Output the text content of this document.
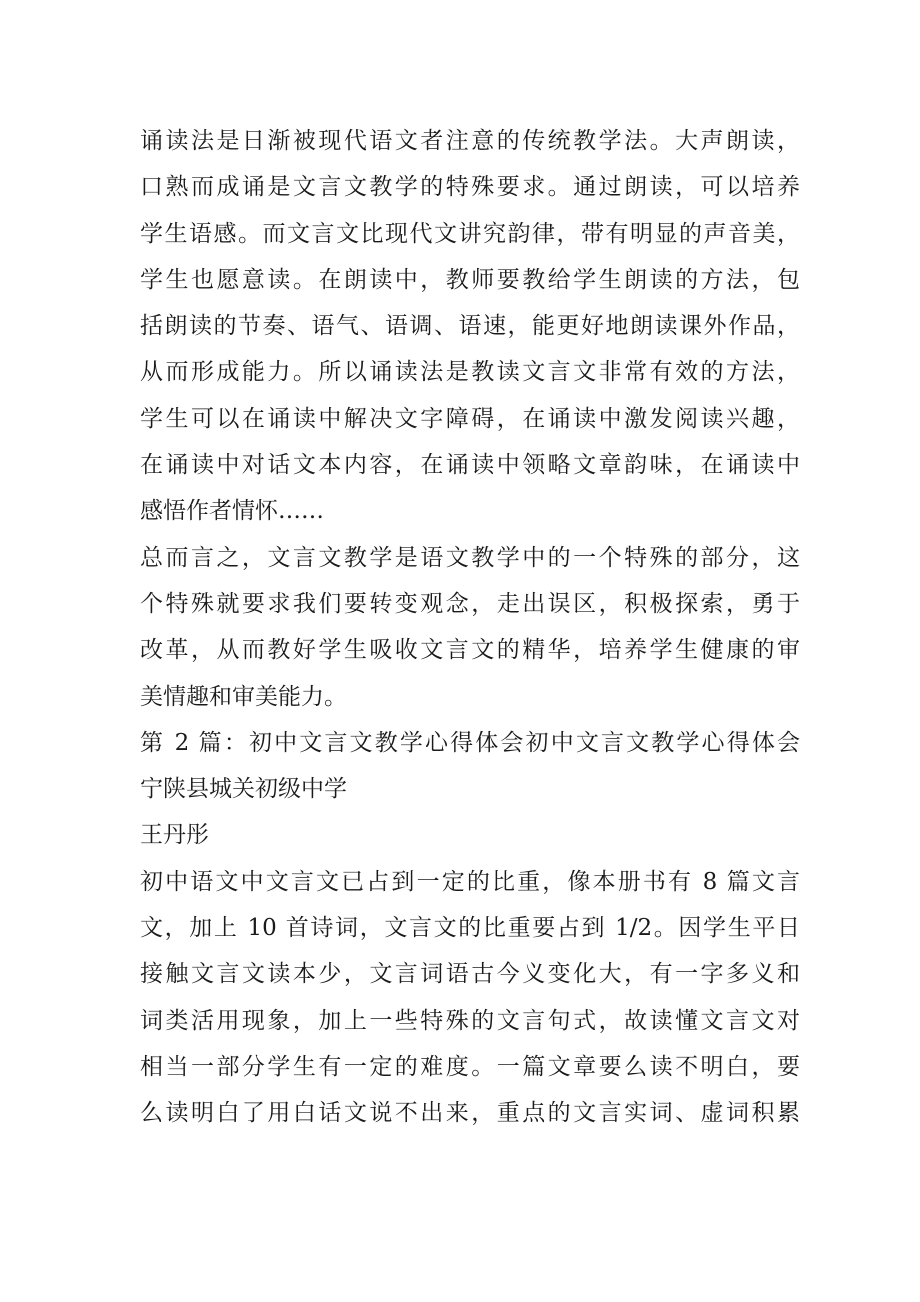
诵读法是日渐被现代语文者注意的传统教学法。大声朗读，
口熟而成诵是文言文教学的特殊要求。通过朗读，可以培养
学生语感。而文言文比现代文讲究韵律，带有明显的声音美，
学生也愿意读。在朗读中，教师要教给学生朗读的方法，包
括朗读的节奏、语气、语调、语速，能更好地朗读课外作品，
从而形成能力。所以诵读法是教读文言文非常有效的方法，
学生可以在诵读中解决文字障碍，在诵读中激发阅读兴趣，
在诵读中对话文本内容，在诵读中领略文章韵味，在诵读中
感悟作者情怀……
总而言之，文言文教学是语文教学中的一个特殊的部分，这
个特殊就要求我们要转变观念，走出误区，积极探索，勇于
改革，从而教好学生吸收文言文的精华，培养学生健康的审
美情趣和审美能力。
第 2 篇：初中文言文教学心得体会初中文言文教学心得体会
宁陕县城关初级中学
王丹彤
初中语文中文言文已占到一定的比重，像本册书有 8 篇文言
文，加上 10 首诗词，文言文的比重要占到 1/2。因学生平日
接触文言文读本少，文言词语古今义变化大，有一字多义和
词类活用现象，加上一些特殊的文言句式，故读懂文言文对
相当一部分学生有一定的难度。一篇文章要么读不明白，要
么读明白了用白话文说不出来，重点的文言实词、虚词积累
